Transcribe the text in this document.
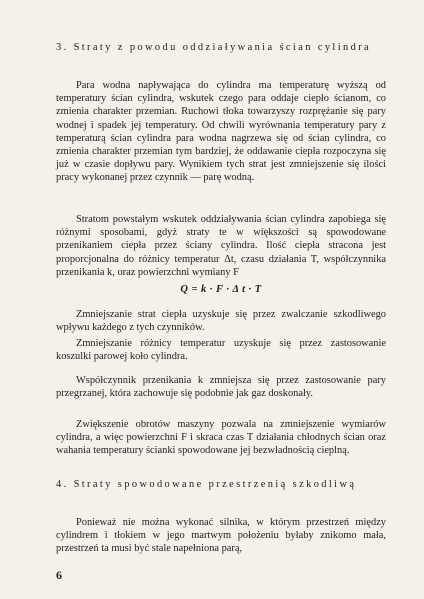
3. Straty z powodu oddziaływania ścian cylindra

Para wodna napływająca do cylindra ma temperaturę wyższą od temperatury ścian cylindra, wskutek czego para oddaje ciepło ścianom, co zmienia charakter przemian. Ruchowi tłoka towarzyszy rozprężanie się pary wodnej i spadek jej temperatury. Od chwili wyrównania temperatury pary z temperaturą ścian cylindra para wodna nagrzewa się od ścian cylindra, co zmienia charakter przemian tym bardziej, że oddawanie ciepła rozpoczyna się już w czasie dopływu pary. Wynikiem tych strat jest zmniejszenie się ilości pracy wykonanej przez czynnik — parę wodną.

Stratom powstałym wskutek oddziaływania ścian cylindra zapobiega się różnymi sposobami, gdyż straty te w większości są spowodowane przenikaniem ciepła przez ściany cylindra. Ilość ciepła stracona jest proporcjonalna do różnicy temperatur Δt, czasu działania T, współczynnika przenikania k, oraz powierzchni wymiany F

Q = k · F · Δ t · T

Zmniejszanie strat ciepła uzyskuje się przez zwalczanie szkodliwego wpływu każdego z tych czynników.

Zmniejszanie różnicy temperatur uzyskuje się przez zastosowanie koszulki parowej koło cylindra.

Współczynnik przenikania k zmniejsza się przez zastosowanie pary przegrzanej, która zachowuje się podobnie jak gaz doskonały.

Zwiększenie obrotów maszyny pozwala na zmniejszenie wymiarów cylindra, a więc powierzchni F i skraca czas T działania chłodnych ścian oraz wahania temperatury ścianki spowodowane jej bezwładnością cieplną.

4. Straty spowodowane przestrzenią szkodliwą

Ponieważ nie można wykonać silnika, w którym przestrzeń między cylindrem i tłokiem w jego martwym położeniu byłaby znikomo mała, przestrzeń ta musi być stale napełniona parą,

6
